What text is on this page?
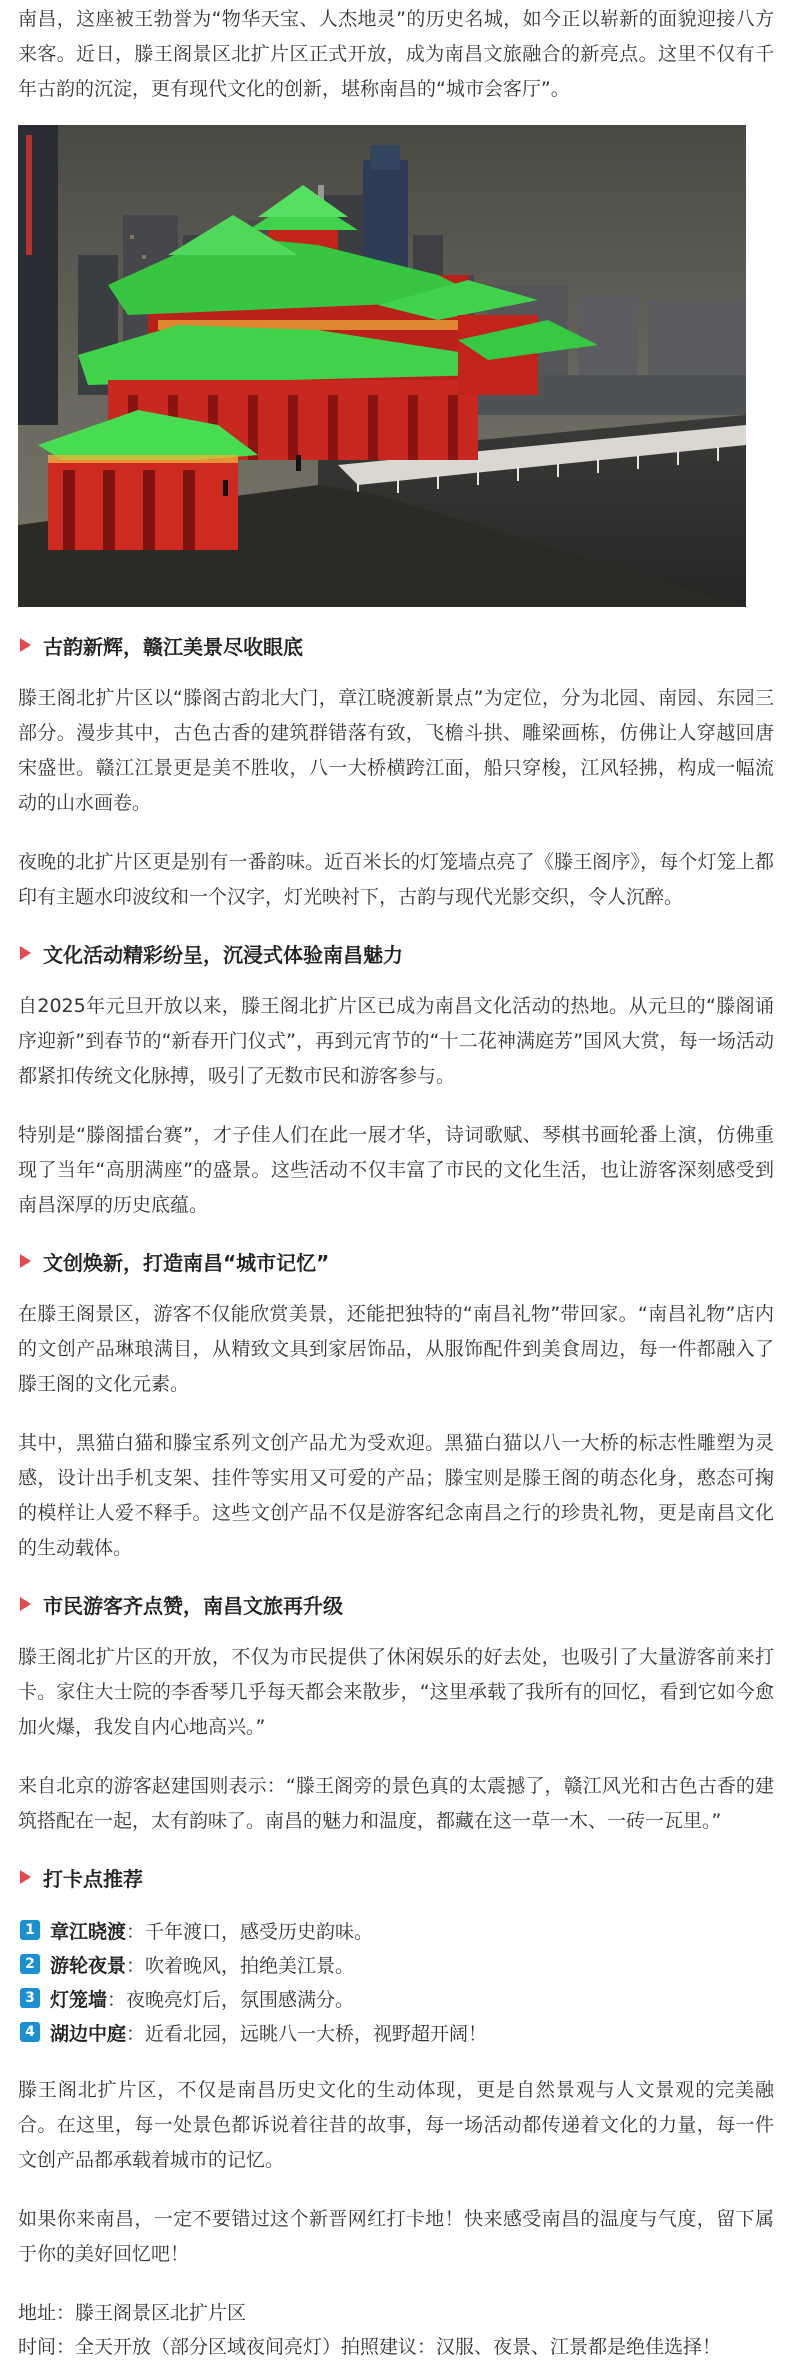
南昌，这座被王勃誉为“物华天宝、人杰地灵”的历史名城，如今正以崭新的面貌迎接八方来客。近日，滕王阁景区北扩片区正式开放，成为南昌文旅融合的新亮点。这里不仅有千年古韵的沉淀，更有现代文化的创新，堪称南昌的“城市会客厅”。

古韵新辉，赣江美景尽收眼底

滕王阁北扩片区以“滕阁古韵北大门，章江晓渡新景点”为定位，分为北园、南园、东园三部分。漫步其中，古色古香的建筑群错落有致，飞檐斗拱、雕梁画栋，仿佛让人穿越回唐宋盛世。赣江江景更是美不胜收，八一大桥横跨江面，船只穿梭，江风轻拂，构成一幅流动的山水画卷。

夜晚的北扩片区更是别有一番韵味。近百米长的灯笼墙点亮了《滕王阁序》，每个灯笼上都印有主题水印波纹和一个汉字，灯光映衬下，古韵与现代光影交织，令人沉醉。

文化活动精彩纷呈，沉浸式体验南昌魅力

自2025年元旦开放以来，滕王阁北扩片区已成为南昌文化活动的热地。从元旦的“滕阁诵序迎新”到春节的“新春开门仪式”，再到元宵节的“十二花神满庭芳”国风大赏，每一场活动都紧扣传统文化脉搏，吸引了无数市民和游客参与。

特别是“滕阁擂台赛”，才子佳人们在此一展才华，诗词歌赋、琴棋书画轮番上演，仿佛重现了当年“高朋满座”的盛景。这些活动不仅丰富了市民的文化生活，也让游客深刻感受到南昌深厚的历史底蕴。

文创焕新，打造南昌“城市记忆”

在滕王阁景区，游客不仅能欣赏美景，还能把独特的“南昌礼物”带回家。“南昌礼物”店内的文创产品琳琅满目，从精致文具到家居饰品，从服饰配件到美食周边，每一件都融入了滕王阁的文化元素。

其中，黑猫白猫和滕宝系列文创产品尤为受欢迎。黑猫白猫以八一大桥的标志性雕塑为灵感，设计出手机支架、挂件等实用又可爱的产品；滕宝则是滕王阁的萌态化身，憨态可掬的模样让人爱不释手。这些文创产品不仅是游客纪念南昌之行的珍贵礼物，更是南昌文化的生动载体。

市民游客齐点赞，南昌文旅再升级

滕王阁北扩片区的开放，不仅为市民提供了休闲娱乐的好去处，也吸引了大量游客前来打卡。家住大士院的李香琴几乎每天都会来散步，“这里承载了我所有的回忆，看到它如今愈加火爆，我发自内心地高兴。”

来自北京的游客赵建国则表示：“滕王阁旁的景色真的太震撼了，赣江风光和古色古香的建筑搭配在一起，太有韵味了。南昌的魅力和温度，都藏在这一草一木、一砖一瓦里。”

打卡点推荐
1 章江晓渡 ： 千年渡口，感受历史韵味。
2 游轮夜景 ： 吹着晚风，拍绝美江景。
3 灯笼墙 ： 夜晚亮灯后，氛围感满分。
4 湖边中庭 ： 近看北园，远眺八一大桥，视野超开阔！

滕王阁北扩片区，不仅是南昌历史文化的生动体现，更是自然景观与人文景观的完美融合。在这里，每一处景色都诉说着往昔的故事，每一场活动都传递着文化的力量，每一件文创产品都承载着城市的记忆。

如果你来南昌，一定不要错过这个新晋网红打卡地！快来感受南昌的温度与气度，留下属于你的美好回忆吧！

地址：滕王阁景区北扩片区
时间：全天开放（部分区域夜间亮灯）拍照建议：汉服、夜景、江景都是绝佳选择！
